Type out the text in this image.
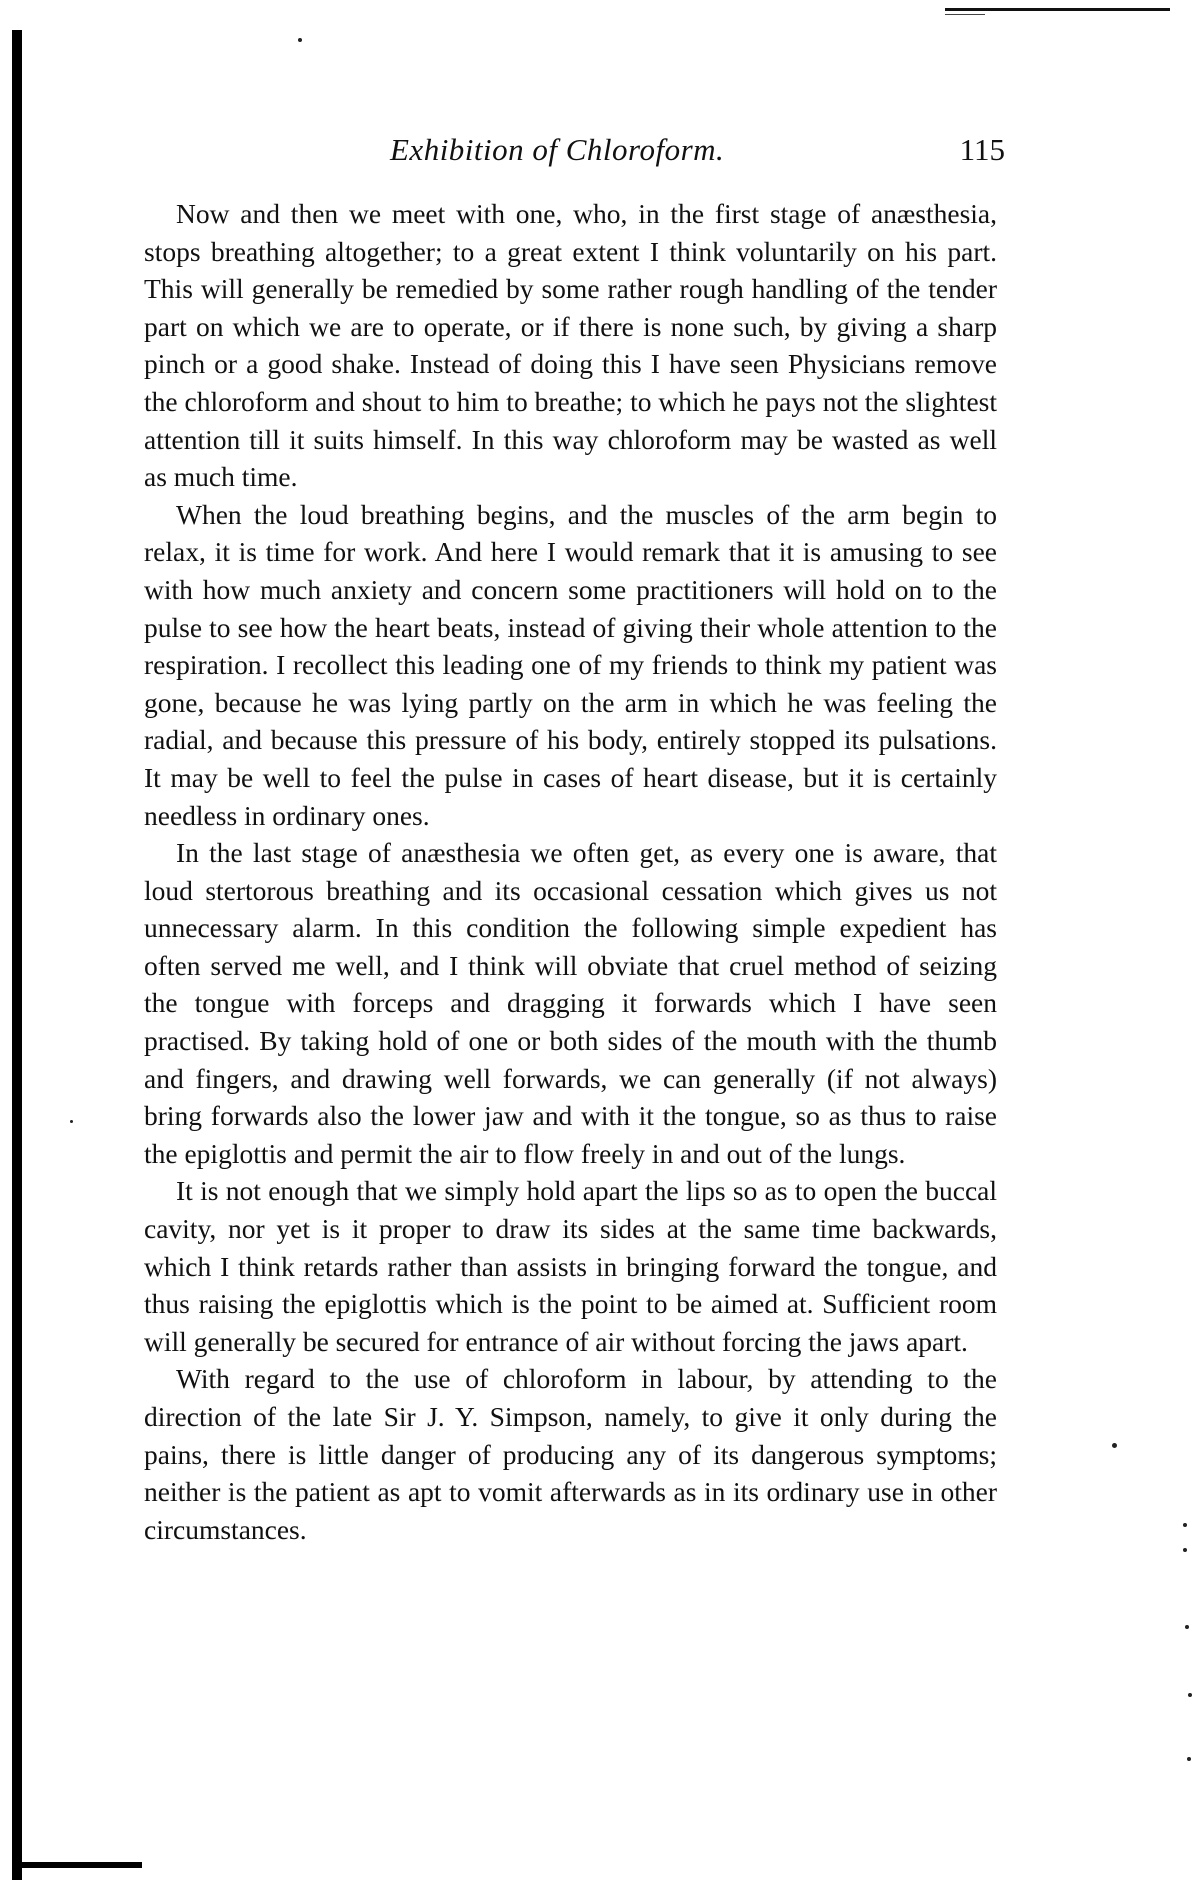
Exhibition of Chloroform.	115

Now and then we meet with one, who, in the first stage of anæsthesia, stops breathing altogether; to a great extent I think voluntarily on his part. This will generally be remedied by some rather rough handling of the tender part on which we are to operate, or if there is none such, by giving a sharp pinch or a good shake. Instead of doing this I have seen Physicians remove the chloroform and shout to him to breathe; to which he pays not the slightest attention till it suits himself. In this way chloroform may be wasted as well as much time.

When the loud breathing begins, and the muscles of the arm begin to relax, it is time for work. And here I would remark that it is amusing to see with how much anxiety and concern some practitioners will hold on to the pulse to see how the heart beats, instead of giving their whole attention to the respiration. I recollect this leading one of my friends to think my patient was gone, because he was lying partly on the arm in which he was feeling the radial, and because this pressure of his body, entirely stopped its pulsations. It may be well to feel the pulse in cases of heart disease, but it is certainly needless in ordinary ones.

In the last stage of anæsthesia we often get, as every one is aware, that loud stertorous breathing and its occasional cessation which gives us not unnecessary alarm. In this condition the following simple expedient has often served me well, and I think will obviate that cruel method of seizing the tongue with forceps and dragging it forwards which I have seen practised. By taking hold of one or both sides of the mouth with the thumb and fingers, and drawing well forwards, we can generally (if not always) bring forwards also the lower jaw and with it the tongue, so as thus to raise the epiglottis and permit the air to flow freely in and out of the lungs.

It is not enough that we simply hold apart the lips so as to open the buccal cavity, nor yet is it proper to draw its sides at the same time backwards, which I think retards rather than assists in bringing forward the tongue, and thus raising the epiglottis which is the point to be aimed at. Sufficient room will generally be secured for entrance of air without forcing the jaws apart.

With regard to the use of chloroform in labour, by attending to the direction of the late Sir J. Y. Simpson, namely, to give it only during the pains, there is little danger of producing any of its dangerous symptoms; neither is the patient as apt to vomit afterwards as in its ordinary use in other circumstances.
